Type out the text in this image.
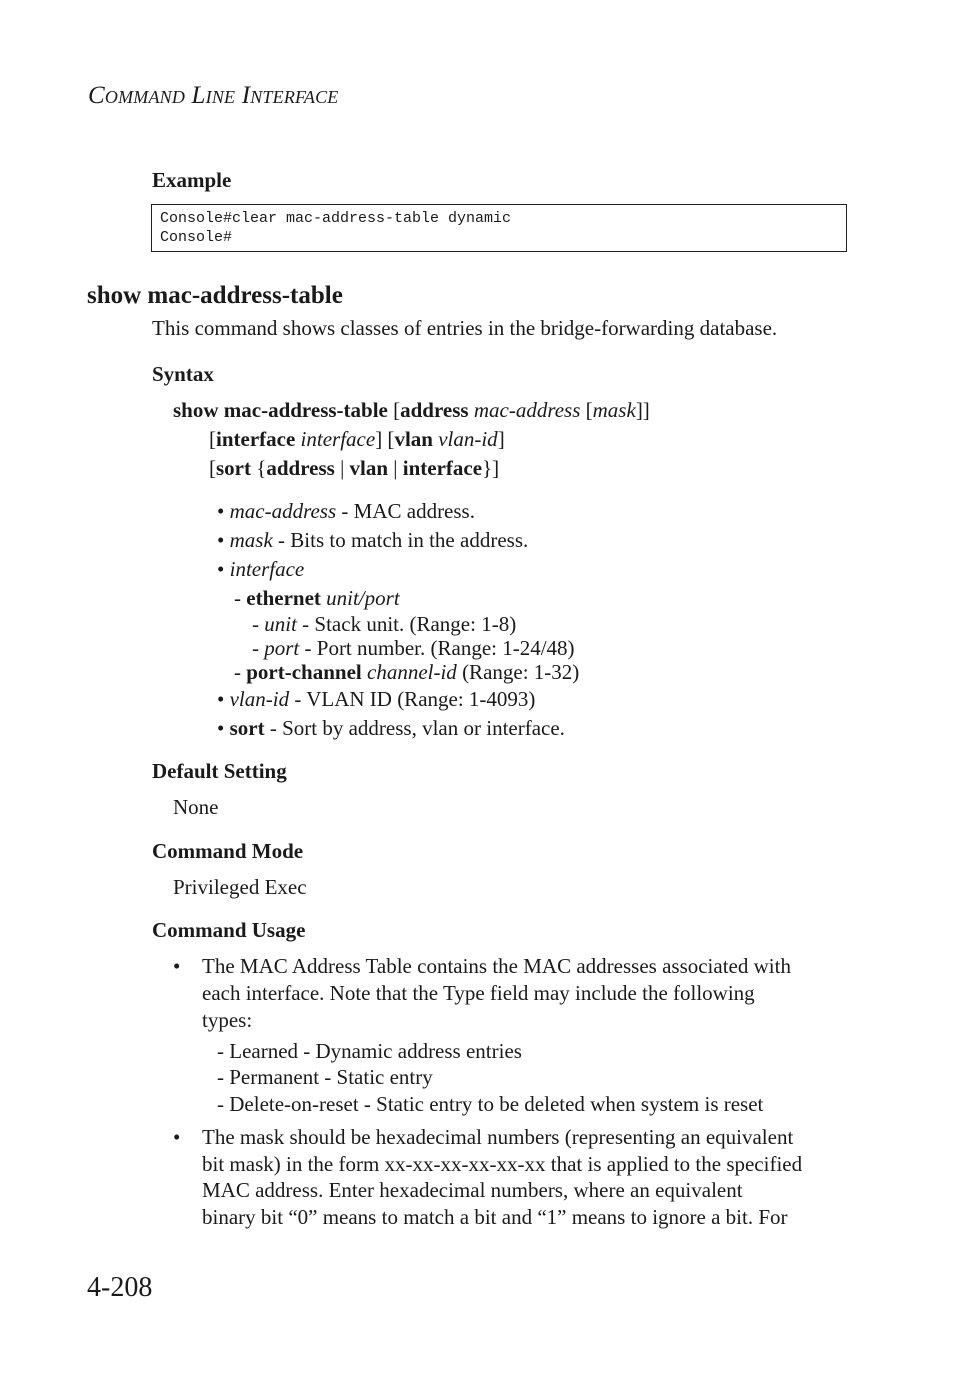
COMMAND LINE INTERFACE
Example
Console#clear mac-address-table dynamic
Console#
show mac-address-table
This command shows classes of entries in the bridge-forwarding database.
Syntax
show mac-address-table [address mac-address [mask]]
[interface interface] [vlan vlan-id]
[sort {address | vlan | interface}]
• mac-address - MAC address.
• mask - Bits to match in the address.
• interface
- ethernet unit/port
- unit - Stack unit. (Range: 1-8)
- port - Port number. (Range: 1-24/48)
- port-channel channel-id (Range: 1-32)
• vlan-id - VLAN ID (Range: 1-4093)
• sort - Sort by address, vlan or interface.
Default Setting
None
Command Mode
Privileged Exec
Command Usage
• The MAC Address Table contains the MAC addresses associated with
each interface. Note that the Type field may include the following
types:
- Learned - Dynamic address entries
- Permanent - Static entry
- Delete-on-reset - Static entry to be deleted when system is reset
• The mask should be hexadecimal numbers (representing an equivalent
bit mask) in the form xx-xx-xx-xx-xx-xx that is applied to the specified
MAC address. Enter hexadecimal numbers, where an equivalent
binary bit “0” means to match a bit and “1” means to ignore a bit. For
4-208
